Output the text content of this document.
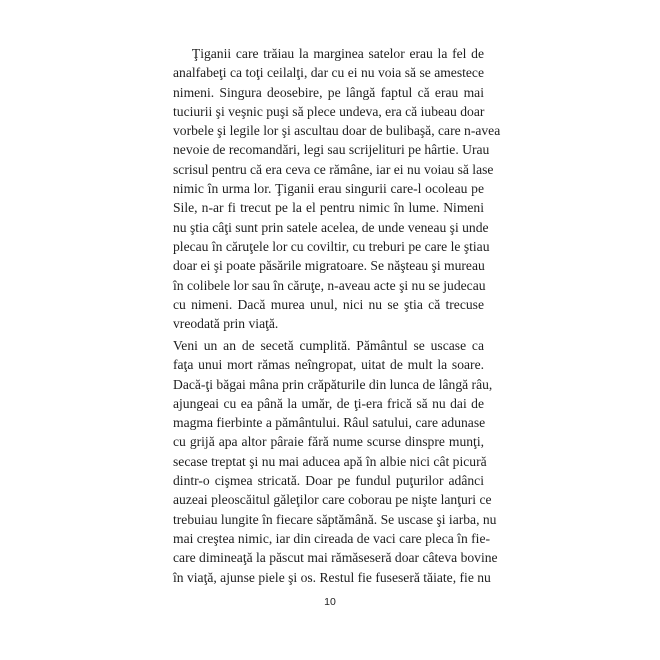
Ţiganii care trăiau la marginea satelor erau la fel de
analfabeţi ca toţi ceilalţi, dar cu ei nu voia să se amestece
nimeni. Singura deosebire, pe lângă faptul că erau mai
tuciurii şi veşnic puşi să plece undeva, era că iubeau doar
vorbele şi legile lor şi ascultau doar de bulibaşă, care n-avea
nevoie de recomandări, legi sau scrijelituri pe hârtie. Urau
scrisul pentru că era ceva ce rămâne, iar ei nu voiau să lase
nimic în urma lor. Ţiganii erau singurii care-l ocoleau pe
Sile, n-ar fi trecut pe la el pentru nimic în lume. Nimeni
nu ştia câţi sunt prin satele acelea, de unde veneau şi unde
plecau în căruţele lor cu coviltir, cu treburi pe care le ştiau
doar ei şi poate păsările migratoare. Se năşteau şi mureau
în colibele lor sau în căruţe, n-aveau acte şi nu se judecau
cu nimeni. Dacă murea unul, nici nu se ştia că trecuse
vreodată prin viaţă.
Veni un an de secetă cumplită. Pământul se uscase ca
faţa unui mort rămas neîngropat, uitat de mult la soare.
Dacă-ţi băgai mâna prin crăpăturile din lunca de lângă râu,
ajungeai cu ea până la umăr, de ţi-era frică să nu dai de
magma fierbinte a pământului. Râul satului, care adunase
cu grijă apa altor pâraie fără nume scurse dinspre munţi,
secase treptat şi nu mai aducea apă în albie nici cât picură
dintr-o cişmea stricată. Doar pe fundul puţurilor adânci
auzeai pleoscăitul găleţilor care coborau pe nişte lanţuri ce
trebuiau lungite în fiecare săptămână. Se uscase şi iarba, nu
mai creştea nimic, iar din cireada de vaci care pleca în fie-
care dimineaţă la păscut mai rămăseseră doar câteva bovine
în viaţă, ajunse piele şi os. Restul fie fuseseră tăiate, fie nu
10
